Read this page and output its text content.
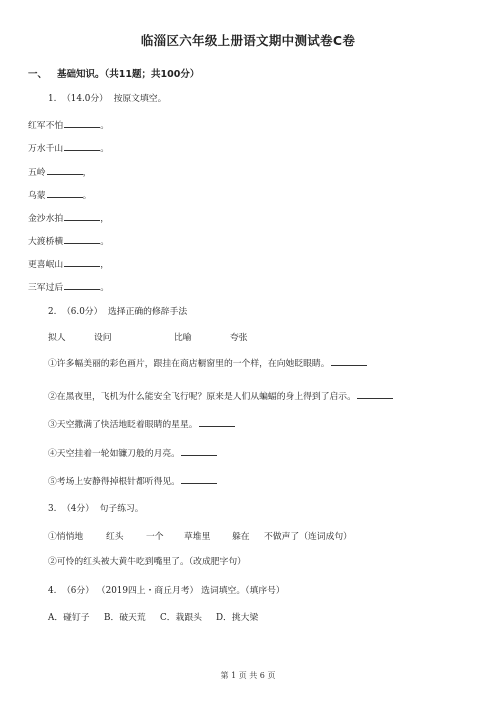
临淄区六年级上册语文期中测试卷C卷
一、 基础知识。（共11题；共100分）
1. （14.0分） 按原文填空。
红军不怕	。
万水千山	。
五岭	，
乌蒙	。
金沙水拍	，
大渡桥横	。
更喜岷山	，
三军过后	。
2. （6.0分） 选择正确的修辞手法
拟人	设问	比喻	夸张
①许多幅美丽的彩色画片，跟挂在商店橱窗里的一个样，在向她眨眼睛。
②在黑夜里，飞机为什么能安全飞行呢？原来是人们从蝙蝠的身上得到了启示。
③天空撒满了快活地眨着眼睛的星星。
④天空挂着一轮如镰刀般的月亮。
⑤考场上安静得掉根针都听得见。
3. （4分） 句子练习。
①悄悄地	红头	一个 草堆里 躲在 不做声了（连词成句）
②可怜的红头被大黄牛吃到嘴里了。（改成肥字句）
4. （6分） （2019四上・商丘月考） 选词填空。（填序号）
A．碰钉子 B．破天荒 C．栽跟头 D．挑大梁
第 1 页 共 6 页
